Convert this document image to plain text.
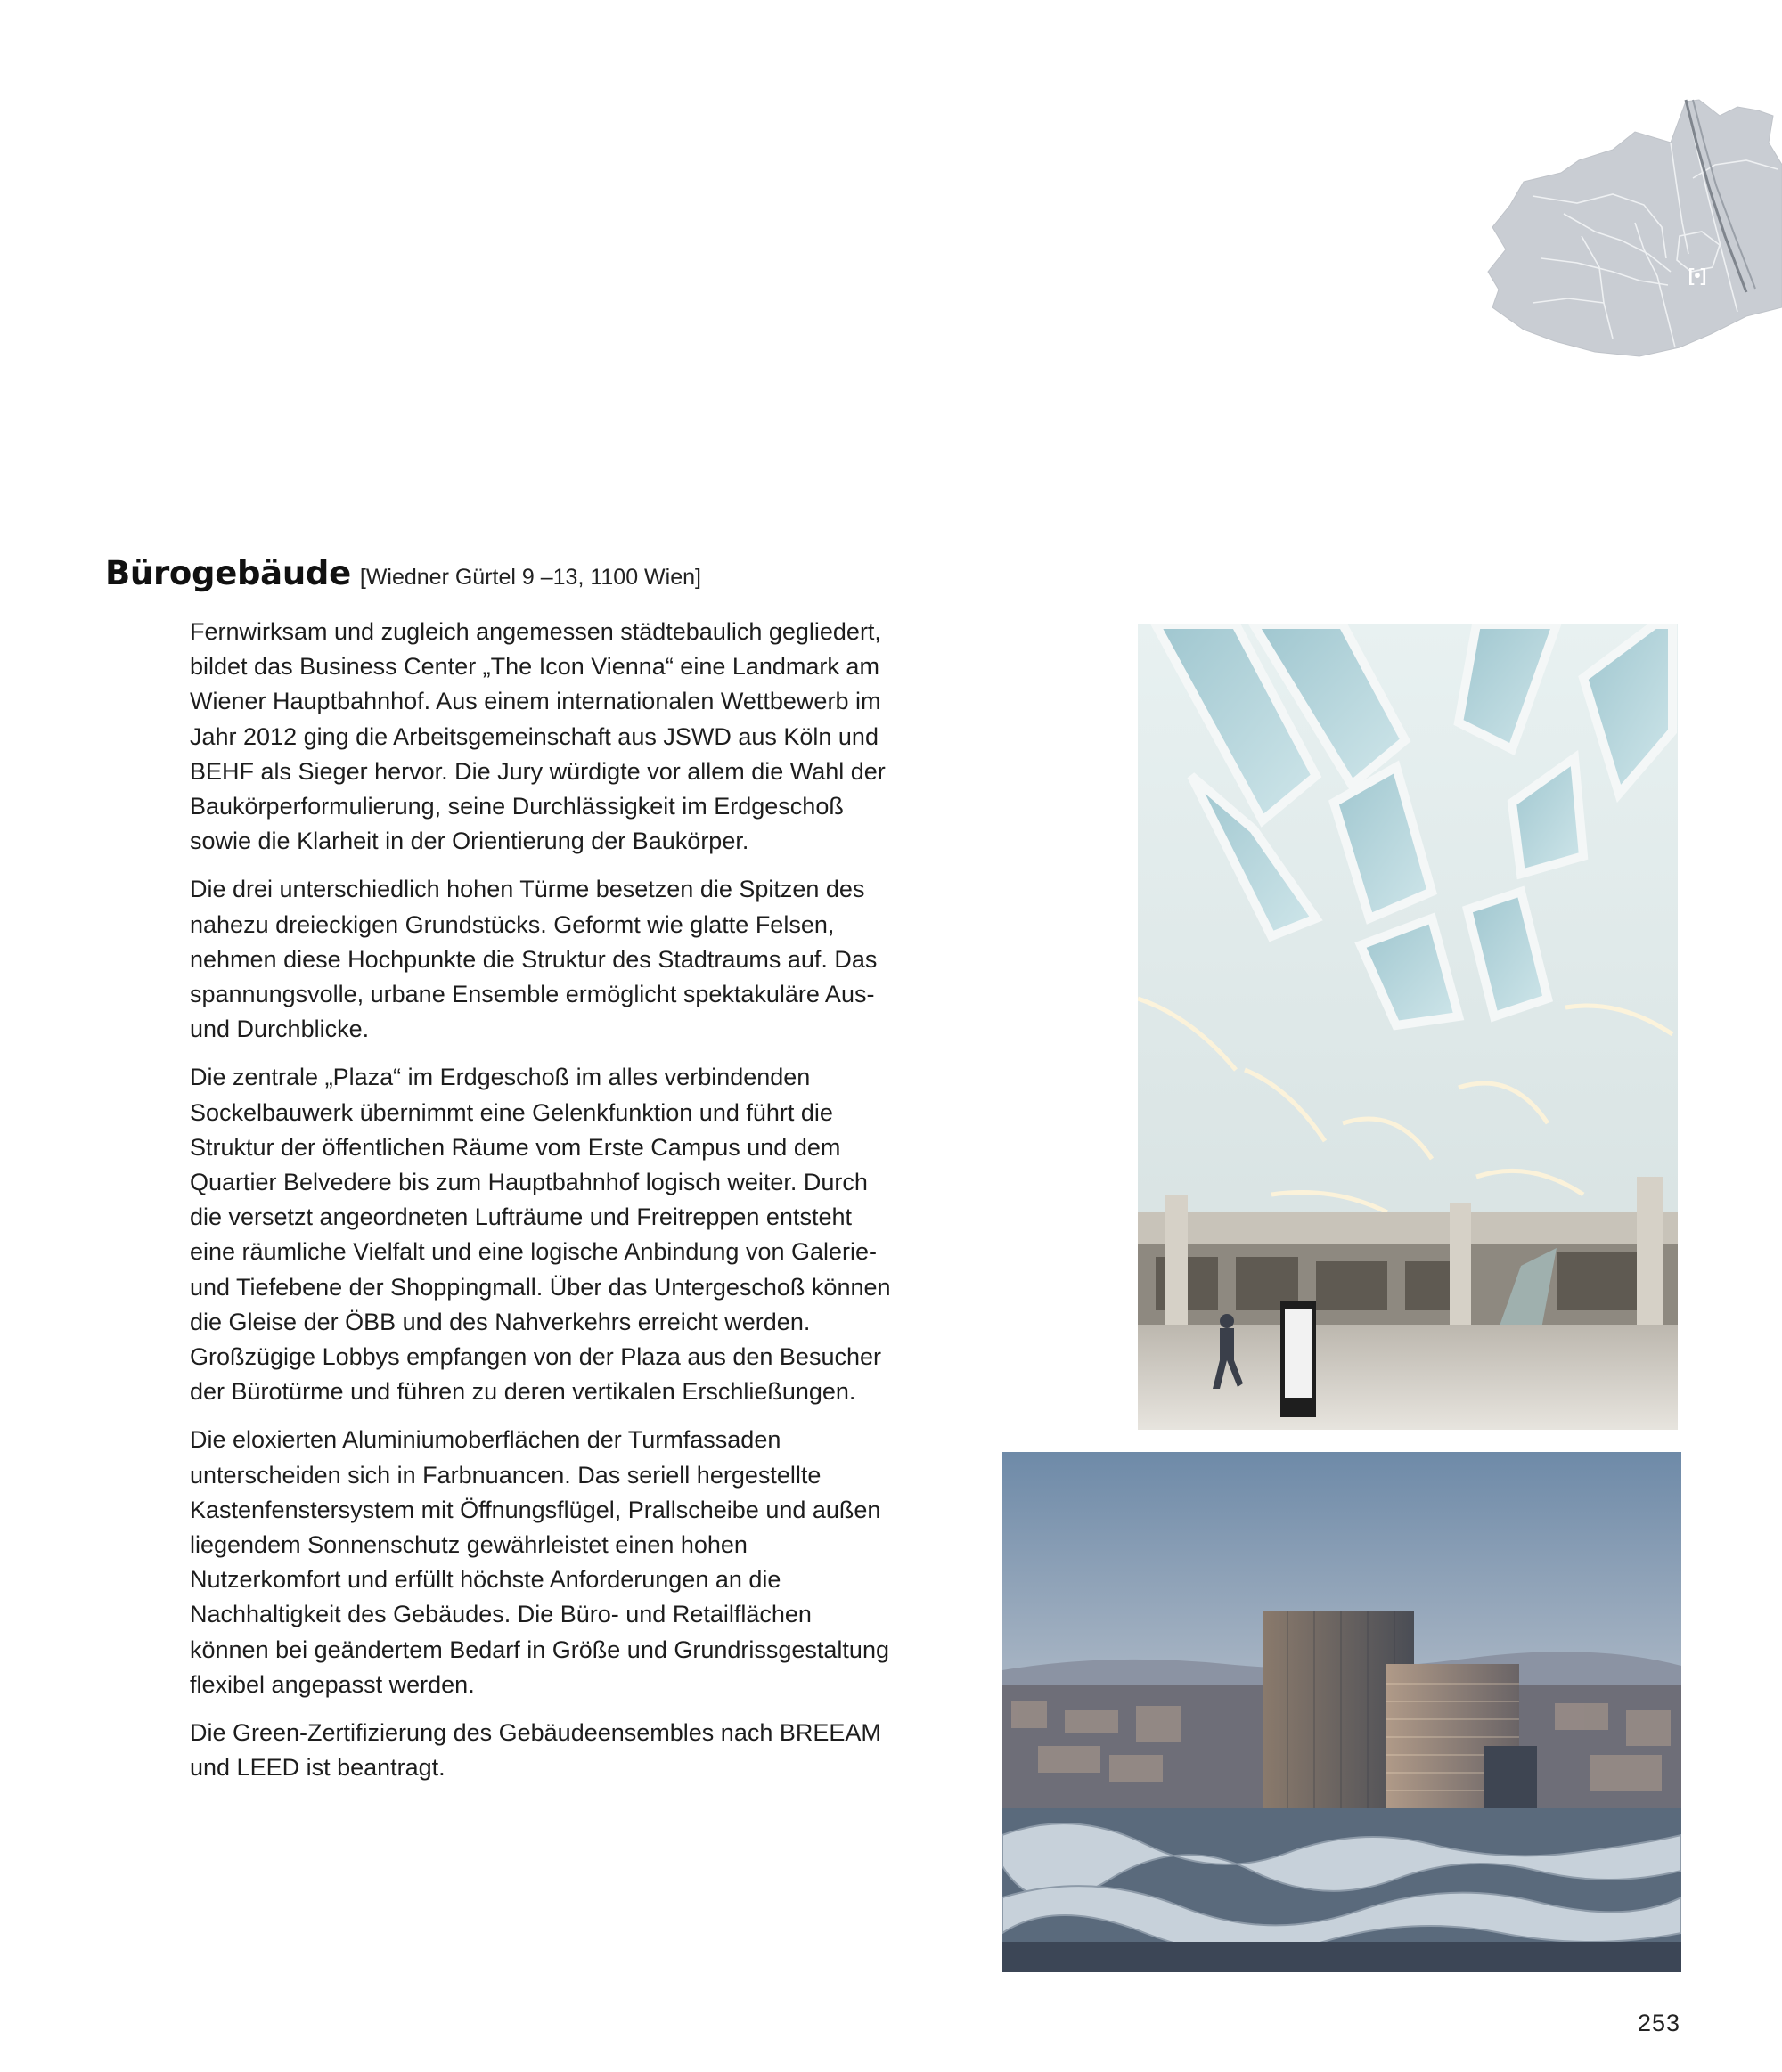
[•]
Bürogebäude [Wiedner Gürtel 9 –13, 1100 Wien]

Fernwirksam und zugleich angemessen städtebaulich gegliedert, bildet das Business Center „The Icon Vienna“ eine Landmark am Wiener Hauptbahnhof. Aus einem internationalen Wettbewerb im Jahr 2012 ging die Arbeitsgemeinschaft aus JSWD aus Köln und BEHF als Sieger hervor. Die Jury würdigte vor allem die Wahl der Baukörperformulierung, seine Durchlässigkeit im Erdgeschoß sowie die Klarheit in der Orientierung der Baukörper.

Die drei unterschiedlich hohen Türme besetzen die Spitzen des nahezu dreieckigen Grundstücks. Geformt wie glatte Felsen, nehmen diese Hochpunkte die Struktur des Stadtraums auf. Das spannungsvolle, urbane Ensemble ermöglicht spektakuläre Aus- und Durchblicke.

Die zentrale „Plaza“ im Erdgeschoß im alles verbindenden Sockelbauwerk übernimmt eine Gelenkfunktion und führt die Struktur der öffentlichen Räume vom Erste Campus und dem Quartier Belvedere bis zum Hauptbahnhof logisch weiter. Durch die versetzt angeordneten Lufträume und Freitreppen entsteht eine räumliche Vielfalt und eine logische Anbindung von Galerie- und Tiefebene der Shoppingmall. Über das Untergeschoß können die Gleise der ÖBB und des Nahverkehrs erreicht werden. Großzügige Lobbys empfangen von der Plaza aus den Besucher der Bürotürme und führen zu deren vertikalen Erschließungen.

Die eloxierten Aluminiumoberflächen der Turmfassaden unterscheiden sich in Farbnuancen. Das seriell hergestellte Kastenfenstersystem mit Öffnungsflügel, Prallscheibe und außen liegendem Sonnenschutz gewährleistet einen hohen Nutzerkomfort und erfüllt höchste Anforderungen an die Nachhaltigkeit des Gebäudes. Die Büro- und Retailflächen können bei geändertem Bedarf in Größe und Grundrissgestaltung flexibel angepasst werden.

Die Green-Zertifizierung des Gebäudeensembles nach BREEAM und LEED ist beantragt.

253
